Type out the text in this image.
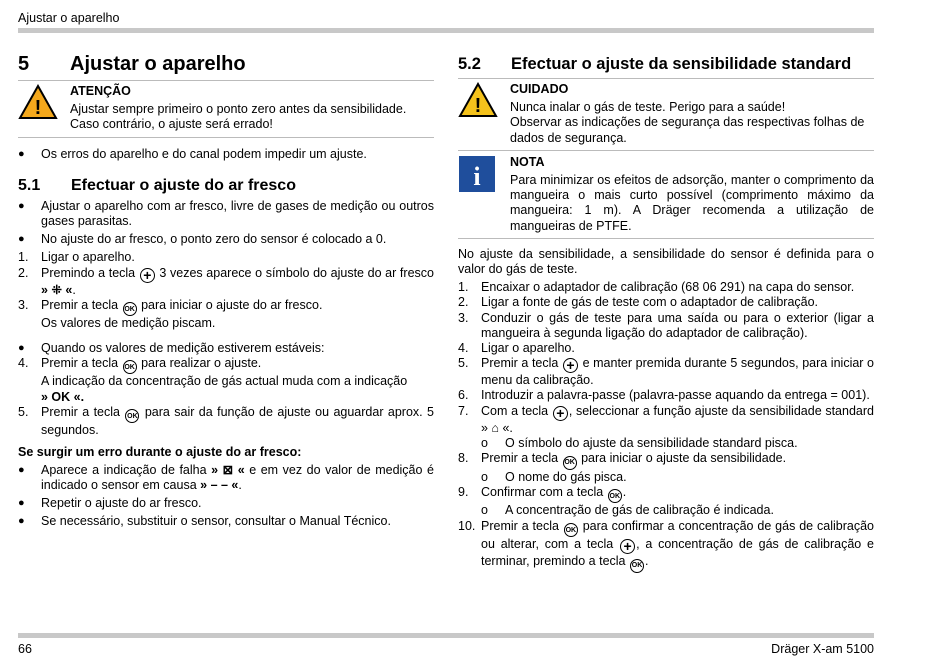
Ajustar o aparelho
5	Ajustar o aparelho
!
ATENÇÃO
Ajustar sempre primeiro o ponto zero antes da sensibilidade.
Caso contrário, o ajuste será errado!
●	Os erros do aparelho e do canal podem impedir um ajuste.
5.1	Efectuar o ajuste do ar fresco
●	Ajustar o aparelho com ar fresco, livre de gases de medição ou outros gases parasitas.
●	No ajuste do ar fresco, o ponto zero do sensor é colocado a 0.
1.	Ligar o aparelho.
2.	Premindo a tecla + 3 vezes aparece o símbolo do ajuste do ar fresco » ⁜ «.
3.	Premir a tecla OK para iniciar o ajuste do ar fresco.
Os valores de medição piscam.
●	Quando os valores de medição estiverem estáveis:
4.	Premir a tecla OK para realizar o ajuste.
A indicação da concentração de gás actual muda com a indicação
» OK «.
5.	Premir a tecla OK para sair da função de ajuste ou aguardar aprox. 5 segundos.
Se surgir um erro durante o ajuste do ar fresco:
●	Aparece a indicação de falha » ⊠ « e em vez do valor de medição é indicado o sensor em causa » – – «.
●	Repetir o ajuste do ar fresco.
●	Se necessário, substituir o sensor, consultar o Manual Técnico.
5.2	Efectuar o ajuste da sensibilidade standard
!
CUIDADO
Nunca inalar o gás de teste. Perigo para a saúde!
Observar as indicações de segurança das respectivas folhas de dados de segurança.
i NOTA
Para minimizar os efeitos de adsorção, manter o comprimento da mangueira o mais curto possível (comprimento máximo da mangueira: 1 m). A Dräger recomenda a utilização de mangueiras de PTFE.

No ajuste da sensibilidade, a sensibilidade do sensor é definida para o valor do gás de teste.

1.	Encaixar o adaptador de calibração (68 06 291) na capa do sensor.
2.	Ligar a fonte de gás de teste com o adaptador de calibração.
3.	Conduzir o gás de teste para uma saída ou para o exterior (ligar a mangueira à segunda ligação do adaptador de calibração).
4.	Ligar o aparelho.
5.	Premir a tecla + e manter premida durante 5 segundos, para iniciar o menu da calibração.
6.	Introduzir a palavra-passe (palavra-passe aquando da entrega = 001).
7.	Com a tecla + , seleccionar a função ajuste da sensibilidade standard » ⌂ «.
o	O símbolo do ajuste da sensibilidade standard pisca.
8.	Premir a tecla OK para iniciar o ajuste da sensibilidade.
o	O nome do gás pisca.
9.	Confirmar com a tecla OK .
o	A concentração de gás de calibração é indicada.
10. Premir a tecla OK para confirmar a concentração de gás de calibração ou alterar, com a tecla + , a concentração de gás de calibração e terminar, premindo a tecla OK .
66	Dräger X-am 5100
